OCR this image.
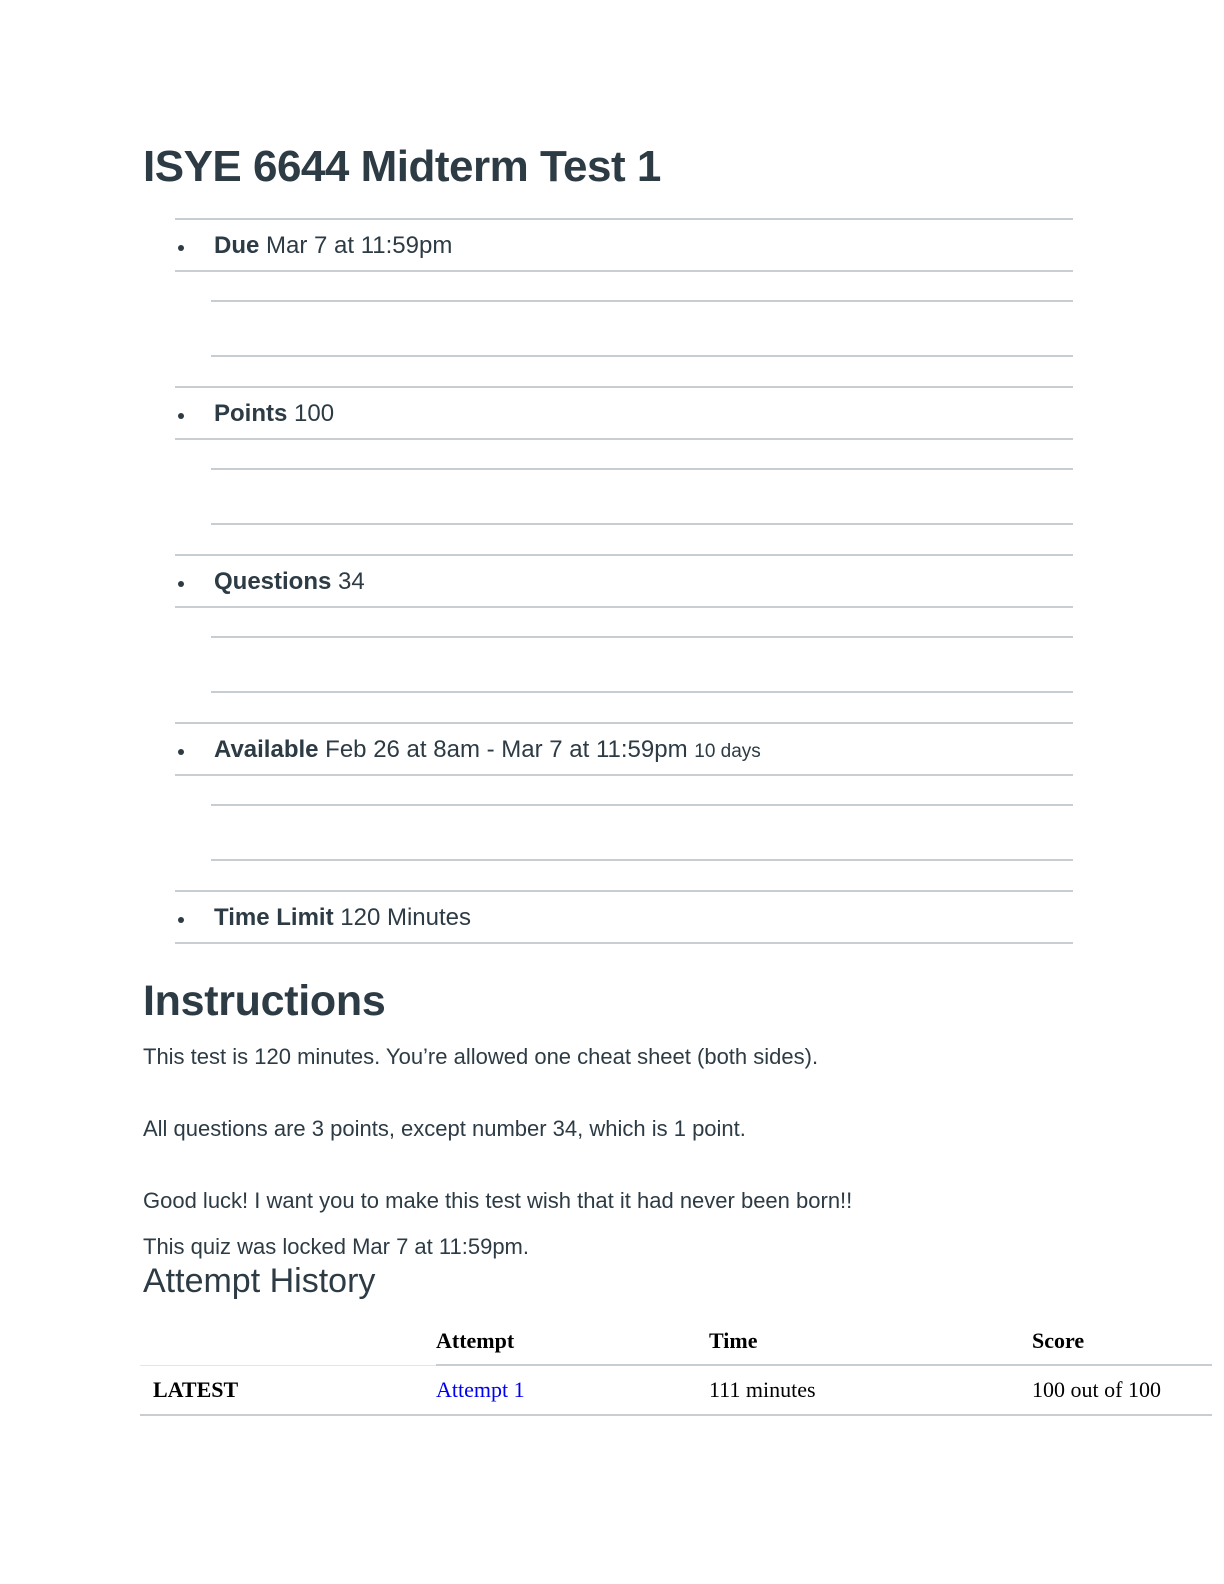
ISYE 6644 Midterm Test 1
Due Mar 7 at 11:59pm
Points 100
Questions 34
Available Feb 26 at 8am - Mar 7 at 11:59pm 10 days
Time Limit 120 Minutes
Instructions

This test is 120 minutes. You’re allowed one cheat sheet (both sides).

All questions are 3 points, except number 34, which is 1 point.

Good luck! I want you to make this test wish that it had never been born!!

This quiz was locked Mar 7 at 11:59pm.

Attempt History
	Attempt	Time	Score
LATEST	Attempt 1	111 minutes	100 out of 100
